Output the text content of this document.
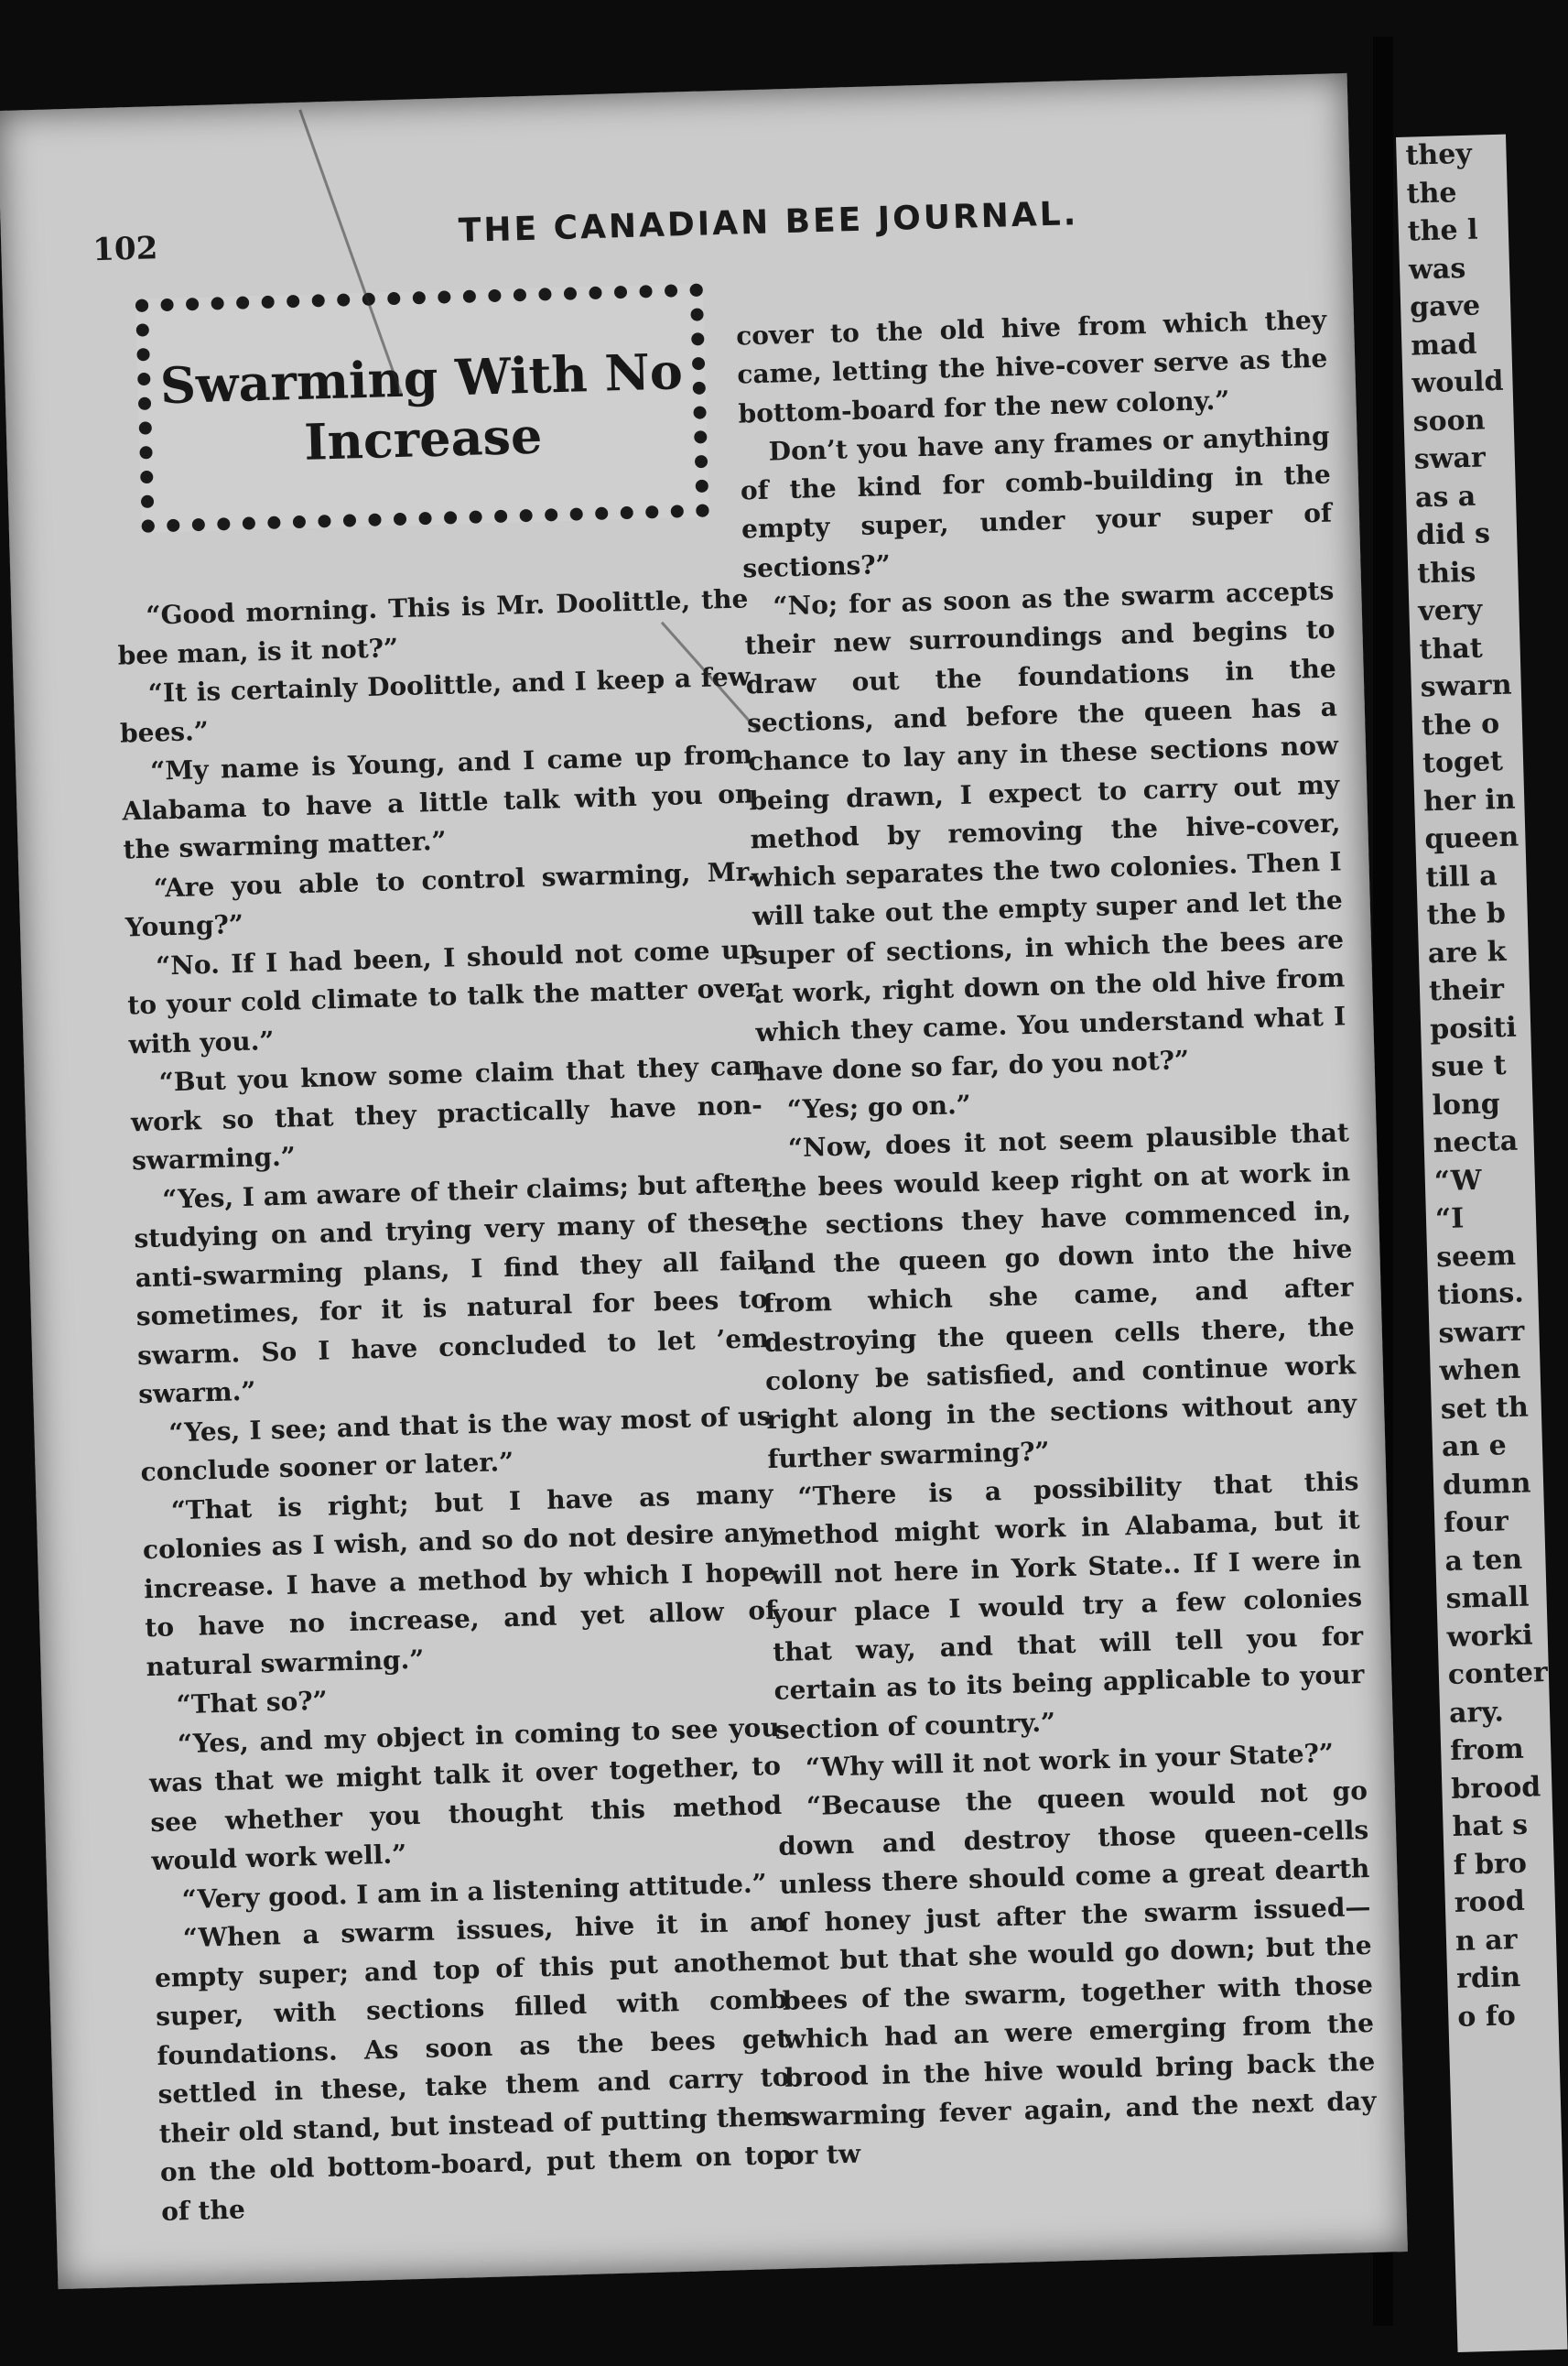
they
the
the l
was
gave
mad
would
soon
swar
as a
did s
this
very
that
swarn
the o
toget
her in
queen
till a
the b
are k
their
positi
sue t
long
necta
“W
“I
seem
tions.
swarr
when
set th
an e
dumn
four
a ten
small
worki
conter
ary.
from
brood
hat s
f bro
rood
n ar
rdin
o fo
102	THE CANADIAN BEE JOURNAL.
Swarming With No
Increase

“Good morning. This is Mr. Doolittle, the bee man, is it not?”

“It is certainly Doolittle, and I keep a few bees.”

“My name is Young, and I came up from Alabama to have a little talk with you on the swarming matter.”

“Are you able to control swarming, Mr. Young?”

“No. If I had been, I should not come up to your cold climate to talk the matter over with you.”

“But you know some claim that they can work so that they practically have non-swarming.”

“Yes, I am aware of their claims; but after studying on and trying very many of these anti-swarming plans, I find they all fail sometimes, for it is natural for bees to swarm. So I have concluded to let ’em swarm.”

“Yes, I see; and that is the way most of us conclude sooner or later.”

“That is right; but I have as many colonies as I wish, and so do not desire any increase. I have a method by which I hope to have no increase, and yet allow of natural swarming.”

“That so?”

“Yes, and my object in coming to see you was that we might talk it over together, to see whether you thought this method would work well.”

“Very good. I am in a listening attitude.”

“When a swarm issues, hive it in an empty super; and top of this put another super, with sections filled with comb foundations. As soon as the bees get settled in these, take them and carry to their old stand, but instead of putting them on the old bottom-board, put them on top of the

cover to the old hive from which they came, letting the hive-cover serve as the bottom-board for the new colony.”

Don’t you have any frames or anything of the kind for comb-building in the empty super, under your super of sections?”

“No; for as soon as the swarm accepts their new surroundings and begins to draw out the foundations in the sections, and before the queen has a chance to lay any in these sections now being drawn, I expect to carry out my method by removing the hive-cover, which separates the two colonies. Then I will take out the empty super and let the super of sections, in which the bees are at work, right down on the old hive from which they came. You understand what I have done so far, do you not?”

“Yes; go on.”

“Now, does it not seem plausible that the bees would keep right on at work in the sections they have commenced in, and the queen go down into the hive from which she came, and after destroying the queen cells there, the colony be satisfied, and continue work right along in the sections without any further swarming?”

“There is a possibility that this method might work in Alabama, but it will not here in York State.. If I were in your place I would try a few colonies that way, and that will tell you for certain as to its being applicable to your section of country.”

“Why will it not work in your State?”

“Because the queen would not go down and destroy those queen-cells unless there should come a great dearth of honey just after the swarm issued—not but that she would go down; but the bees of the swarm, together with those which had an were emerging from the brood in the hive would bring back the swarming fever again, and the next day or tw
